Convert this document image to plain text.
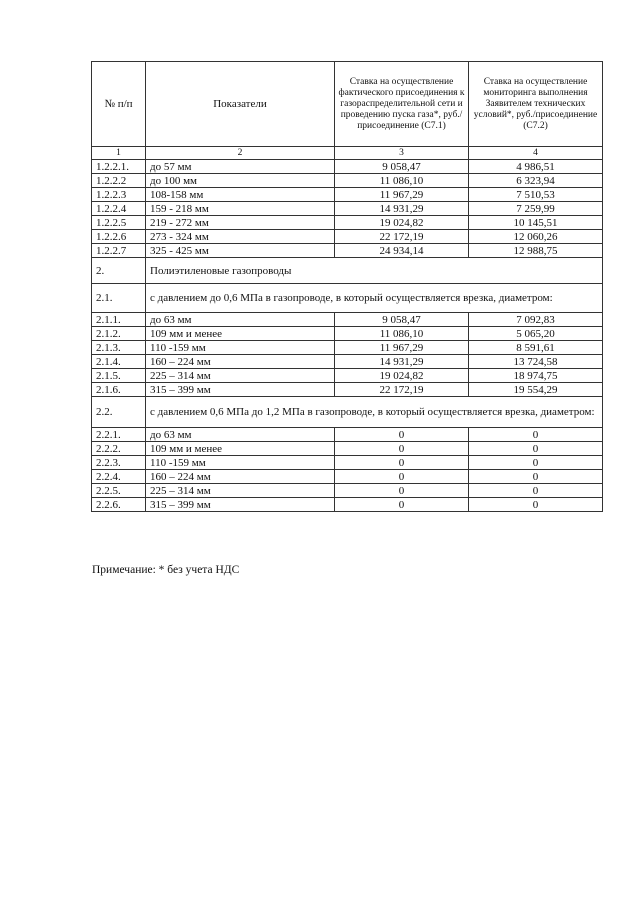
№ п/п	Показатели	Ставка на осуществление фактического присоединения к газораспределительной сети и проведению пуска газа*, руб./присоединение (С7.1)	Ставка на осуществление мониторинга выполнения Заявителем технических условий*, руб./присоединение (С7.2)
1	2	3	4
1.2.2.1.	до 57 мм	9 058,47	4 986,51
1.2.2.2	до 100 мм	11 086,10	6 323,94
1.2.2.3	108-158 мм	11 967,29	7 510,53
1.2.2.4	159 - 218 мм	14 931,29	7 259,99
1.2.2.5	219 - 272 мм	19 024,82	10 145,51
1.2.2.6	273 - 324 мм	22 172,19	12 060,26
1.2.2.7	325 - 425 мм	24 934,14	12 988,75
2.	Полиэтиленовые газопроводы		
2.1.	с давлением до 0,6 МПа в газопроводе, в который осуществляется врезка, диаметром:		
2.1.1.	до 63 мм	9 058,47	7 092,83
2.1.2.	109 мм и менее	11 086,10	5 065,20
2.1.3.	110 -159 мм	11 967,29	8 591,61
2.1.4.	160 – 224 мм	14 931,29	13 724,58
2.1.5.	225 – 314 мм	19 024,82	18 974,75
2.1.6.	315 – 399 мм	22 172,19	19 554,29
2.2.	с давлением 0,6 МПа до 1,2 МПа в газопроводе, в который осуществляется врезка, диаметром:		
2.2.1.	до 63 мм	0	0
2.2.2.	109 мм и менее	0	0
2.2.3.	110 -159 мм	0	0
2.2.4.	160 – 224 мм	0	0
2.2.5.	225 – 314 мм	0	0
2.2.6.	315 – 399 мм	0	0
Примечание: * без учета НДС
